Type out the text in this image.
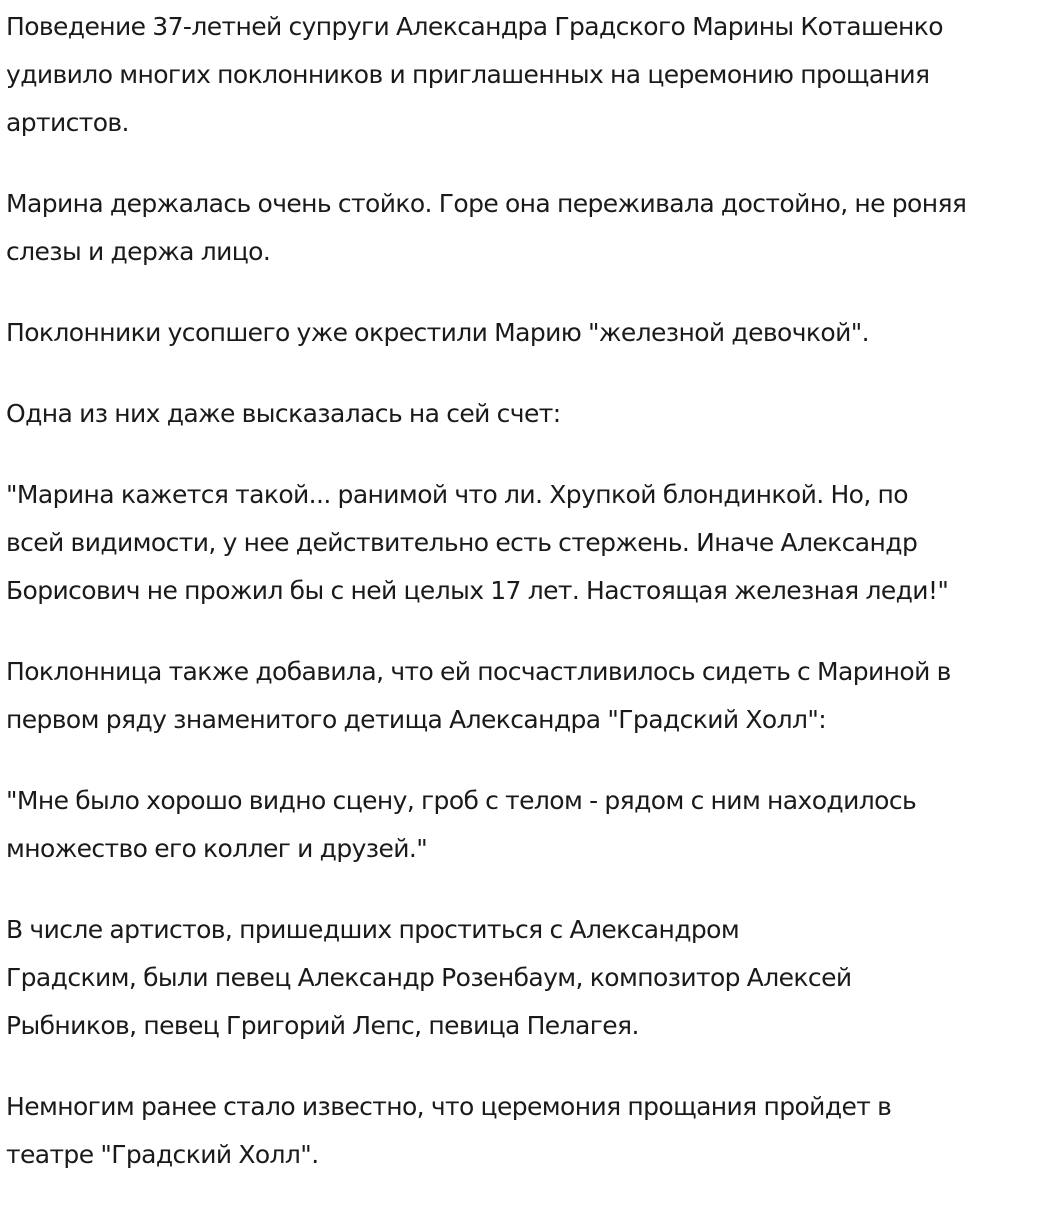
Поведение 37-летней супруги Александра Градского Марины Коташенко
удивило многих поклонников и приглашенных на церемонию прощания
артистов.

Марина держалась очень стойко. Горе она переживала достойно, не роняя
слезы и держа лицо.

Поклонники усопшего уже окрестили Марию "железной девочкой".

Одна из них даже высказалась на сей счет:

"Марина кажется такой... ранимой что ли. Хрупкой блондинкой. Но, по
всей видимости, у нее действительно есть стержень. Иначе Александр
Борисович не прожил бы с ней целых 17 лет. Настоящая железная леди!"

Поклонница также добавила, что ей посчастливилось сидеть с Мариной в
первом ряду знаменитого детища Александра "Градский Холл":

"Мне было хорошо видно сцену, гроб с телом - рядом с ним находилось
множество его коллег и друзей."

В числе артистов, пришедших проститься с Александром
Градским, были певец Александр Розенбаум, композитор Алексей
Рыбников, певец Григорий Лепс, певица Пелагея.

Немногим ранее стало известно, что церемония прощания пройдет в
театре "Градский Холл".
